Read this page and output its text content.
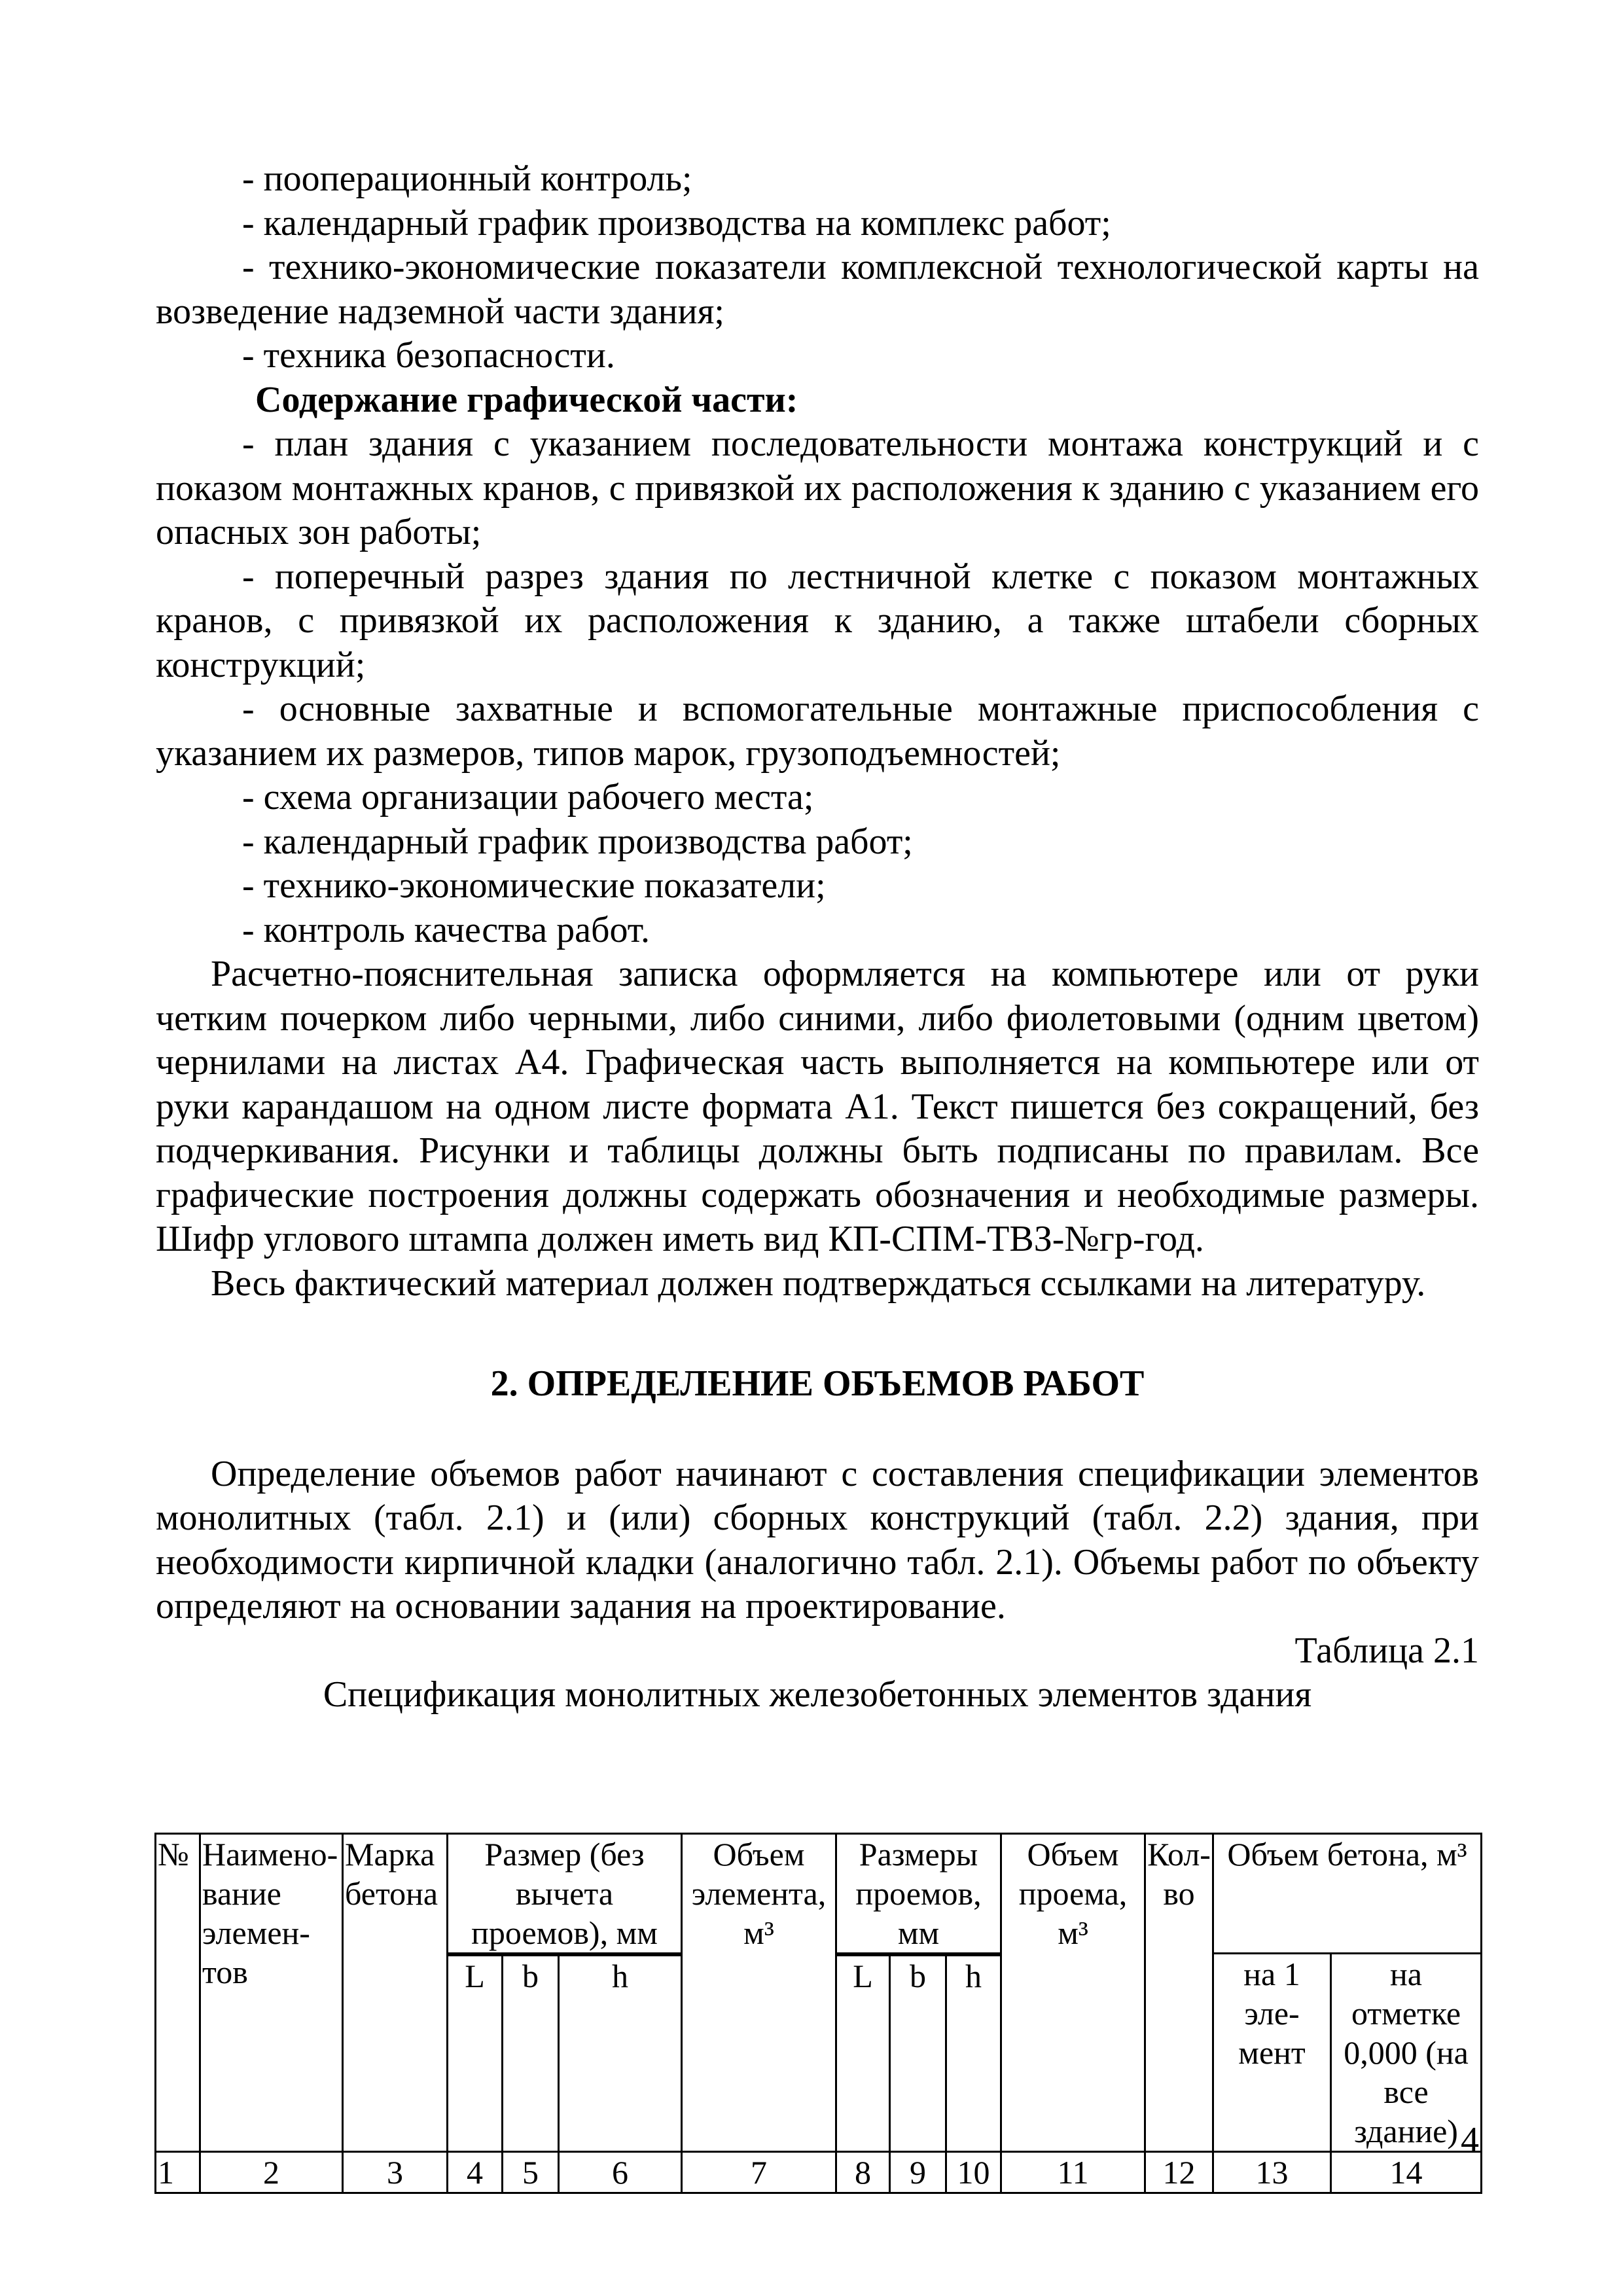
- пооперационный контроль;

- календарный график производства на комплекс работ;

- технико-экономические показатели комплексной технологической карты на возведение надземной части здания;

- техника безопасности.

Содержание графической части:

- план здания с указанием последовательности монтажа конструкций и с показом монтажных кранов, с привязкой их расположения к зданию с указанием его опасных зон работы;

- поперечный разрез здания по лестничной клетке с показом монтажных кранов, с привязкой их расположения к зданию, а также штабели сборных конструкций;

- основные захватные и вспомогательные монтажные приспособления с указанием их размеров, типов марок, грузоподъемностей;

- схема организации рабочего места;

- календарный график производства работ;

- технико-экономические показатели;

- контроль качества работ.

Расчетно-пояснительная записка оформляется на компьютере или от руки четким почерком либо черными, либо синими, либо фиолетовыми (одним цветом) чернилами на листах А4. Графическая часть выполняется на компьютере или от руки карандашом на одном листе формата А1. Текст пишется без сокращений, без подчеркивания. Рисунки и таблицы должны быть подписаны по правилам. Все графические построения должны содержать обозначения и необходимые размеры. Шифр углового штампа должен иметь вид КП-СПМ-ТВЗ-№гр-год.

Весь фактический материал должен подтверждаться ссылками на литературу.

2. ОПРЕДЕЛЕНИЕ ОБЪЕМОВ РАБОТ

Определение объемов работ начинают с составления спецификации элементов монолитных (табл. 2.1) и (или) сборных конструкций (табл. 2.2) здания, при необходимости кирпичной кладки (аналогично табл. 2.1). Объемы работ по объекту определяют на основании задания на проектирование.

Таблица 2.1

Спецификация монолитных железобетонных элементов здания

№	Наимено-вание элемен-тов	Марка бетона	Размер (без вычета проемов), мм			Объем элемента, м³	Размеры проемов, мм			Объем проема, м³	Кол-во	Объем бетона, м³	
												на 1 эле-мент	на отметке 0,000 (на все здание)
			L	b	h		L	b	h				
1	2	3	4	5	6	7	8	9	10	11	12	13	14
4
